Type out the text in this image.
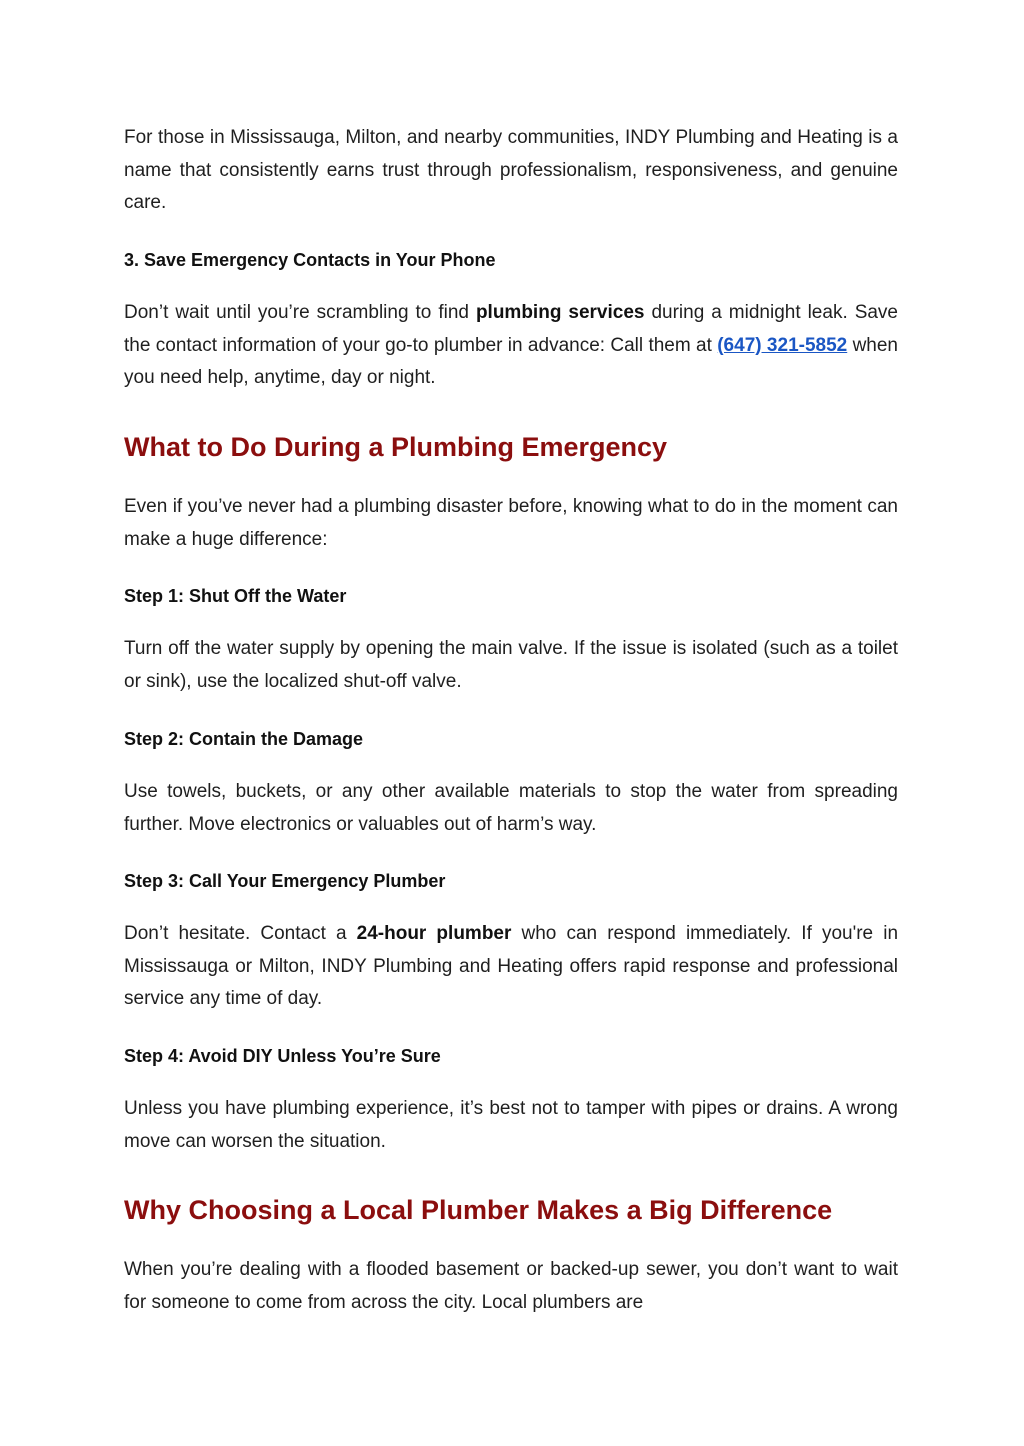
For those in Mississauga, Milton, and nearby communities, INDY Plumbing and Heating is a name that consistently earns trust through professionalism, responsiveness, and genuine care.

3. Save Emergency Contacts in Your Phone

Don’t wait until you’re scrambling to find plumbing services during a midnight leak. Save the contact information of your go-to plumber in advance: Call them at (647) 321-5852 when you need help, anytime, day or night.

What to Do During a Plumbing Emergency

Even if you’ve never had a plumbing disaster before, knowing what to do in the moment can make a huge difference:

Step 1: Shut Off the Water

Turn off the water supply by opening the main valve. If the issue is isolated (such as a toilet or sink), use the localized shut-off valve.

Step 2: Contain the Damage

Use towels, buckets, or any other available materials to stop the water from spreading further. Move electronics or valuables out of harm’s way.

Step 3: Call Your Emergency Plumber

Don’t hesitate. Contact a 24-hour plumber who can respond immediately. If you're in Mississauga or Milton, INDY Plumbing and Heating offers rapid response and professional service any time of day.

Step 4: Avoid DIY Unless You’re Sure

Unless you have plumbing experience, it’s best not to tamper with pipes or drains. A wrong move can worsen the situation.

Why Choosing a Local Plumber Makes a Big Difference

When you’re dealing with a flooded basement or backed-up sewer, you don’t want to wait for someone to come from across the city. Local plumbers are
